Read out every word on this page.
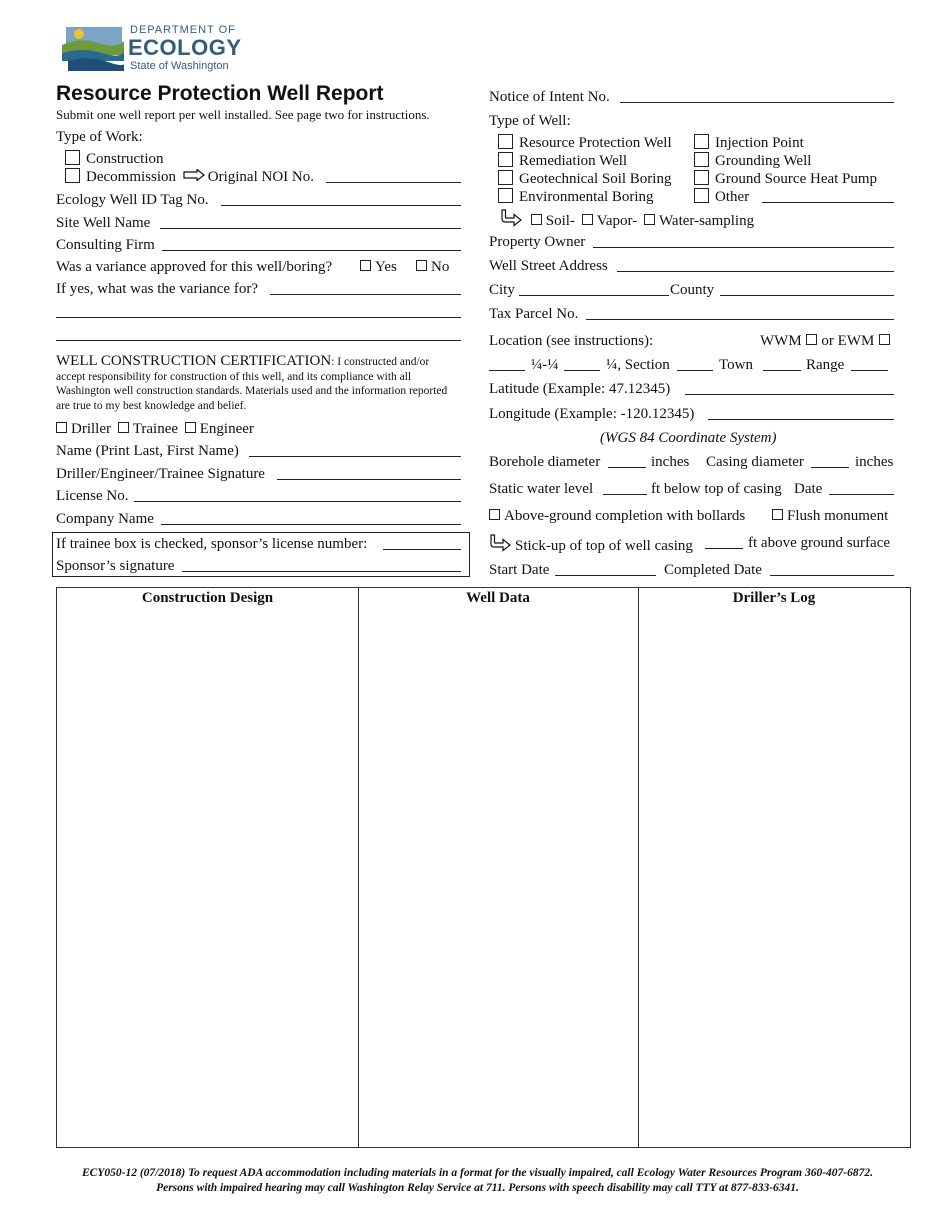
DEPARTMENT OF
ECOLOGY
State of Washington
Resource Protection Well Report
Submit one well report per well installed. See page two for instructions.
Type of Work:
Construction
Decommission Original NOI No.
Ecology Well ID Tag No.
Site Well Name
Consulting Firm
Was a variance approved for this well/boring?	Yes	No
If yes, what was the variance for?
WELL CONSTRUCTION CERTIFICATION: I constructed and/or accept responsibility for construction of this well, and its compliance with all Washington well construction standards. Materials used and the information reported are true to my best knowledge and belief.
Driller Trainee Engineer
Name (Print Last, First Name)
Driller/Engineer/Trainee Signature
License No.
Company Name
If trainee box is checked, sponsor’s license number:
Sponsor’s signature
Notice of Intent No.
Type of Well:
Resource Protection Well
Remediation Well
Geotechnical Soil Boring
Environmental Boring
Injection Point
Grounding Well
Ground Source Heat Pump
Other
Soil- Vapor- Water-sampling
Property Owner
Well Street Address
City	County
Tax Parcel No.
Location (see instructions):	WWM or EWM
¼-¼	¼, Section	Town	Range
Latitude (Example: 47.12345)
Longitude (Example: -120.12345)
(WGS 84 Coordinate System)
Borehole diameter	inches Casing diameter	inches
Static water level	ft below top of casing Date
Above-ground completion with bollards	Flush monument
Stick-up of top of well casing	ft above ground surface
Start Date	Completed Date
Construction Design	Well Data	Driller’s Log
ECY050-12 (07/2018) To request ADA accommodation including materials in a format for the visually impaired, call Ecology Water Resources Program 360-407-6872. Persons with impaired hearing may call Washington Relay Service at 711. Persons with speech disability may call TTY at 877-833-6341.
